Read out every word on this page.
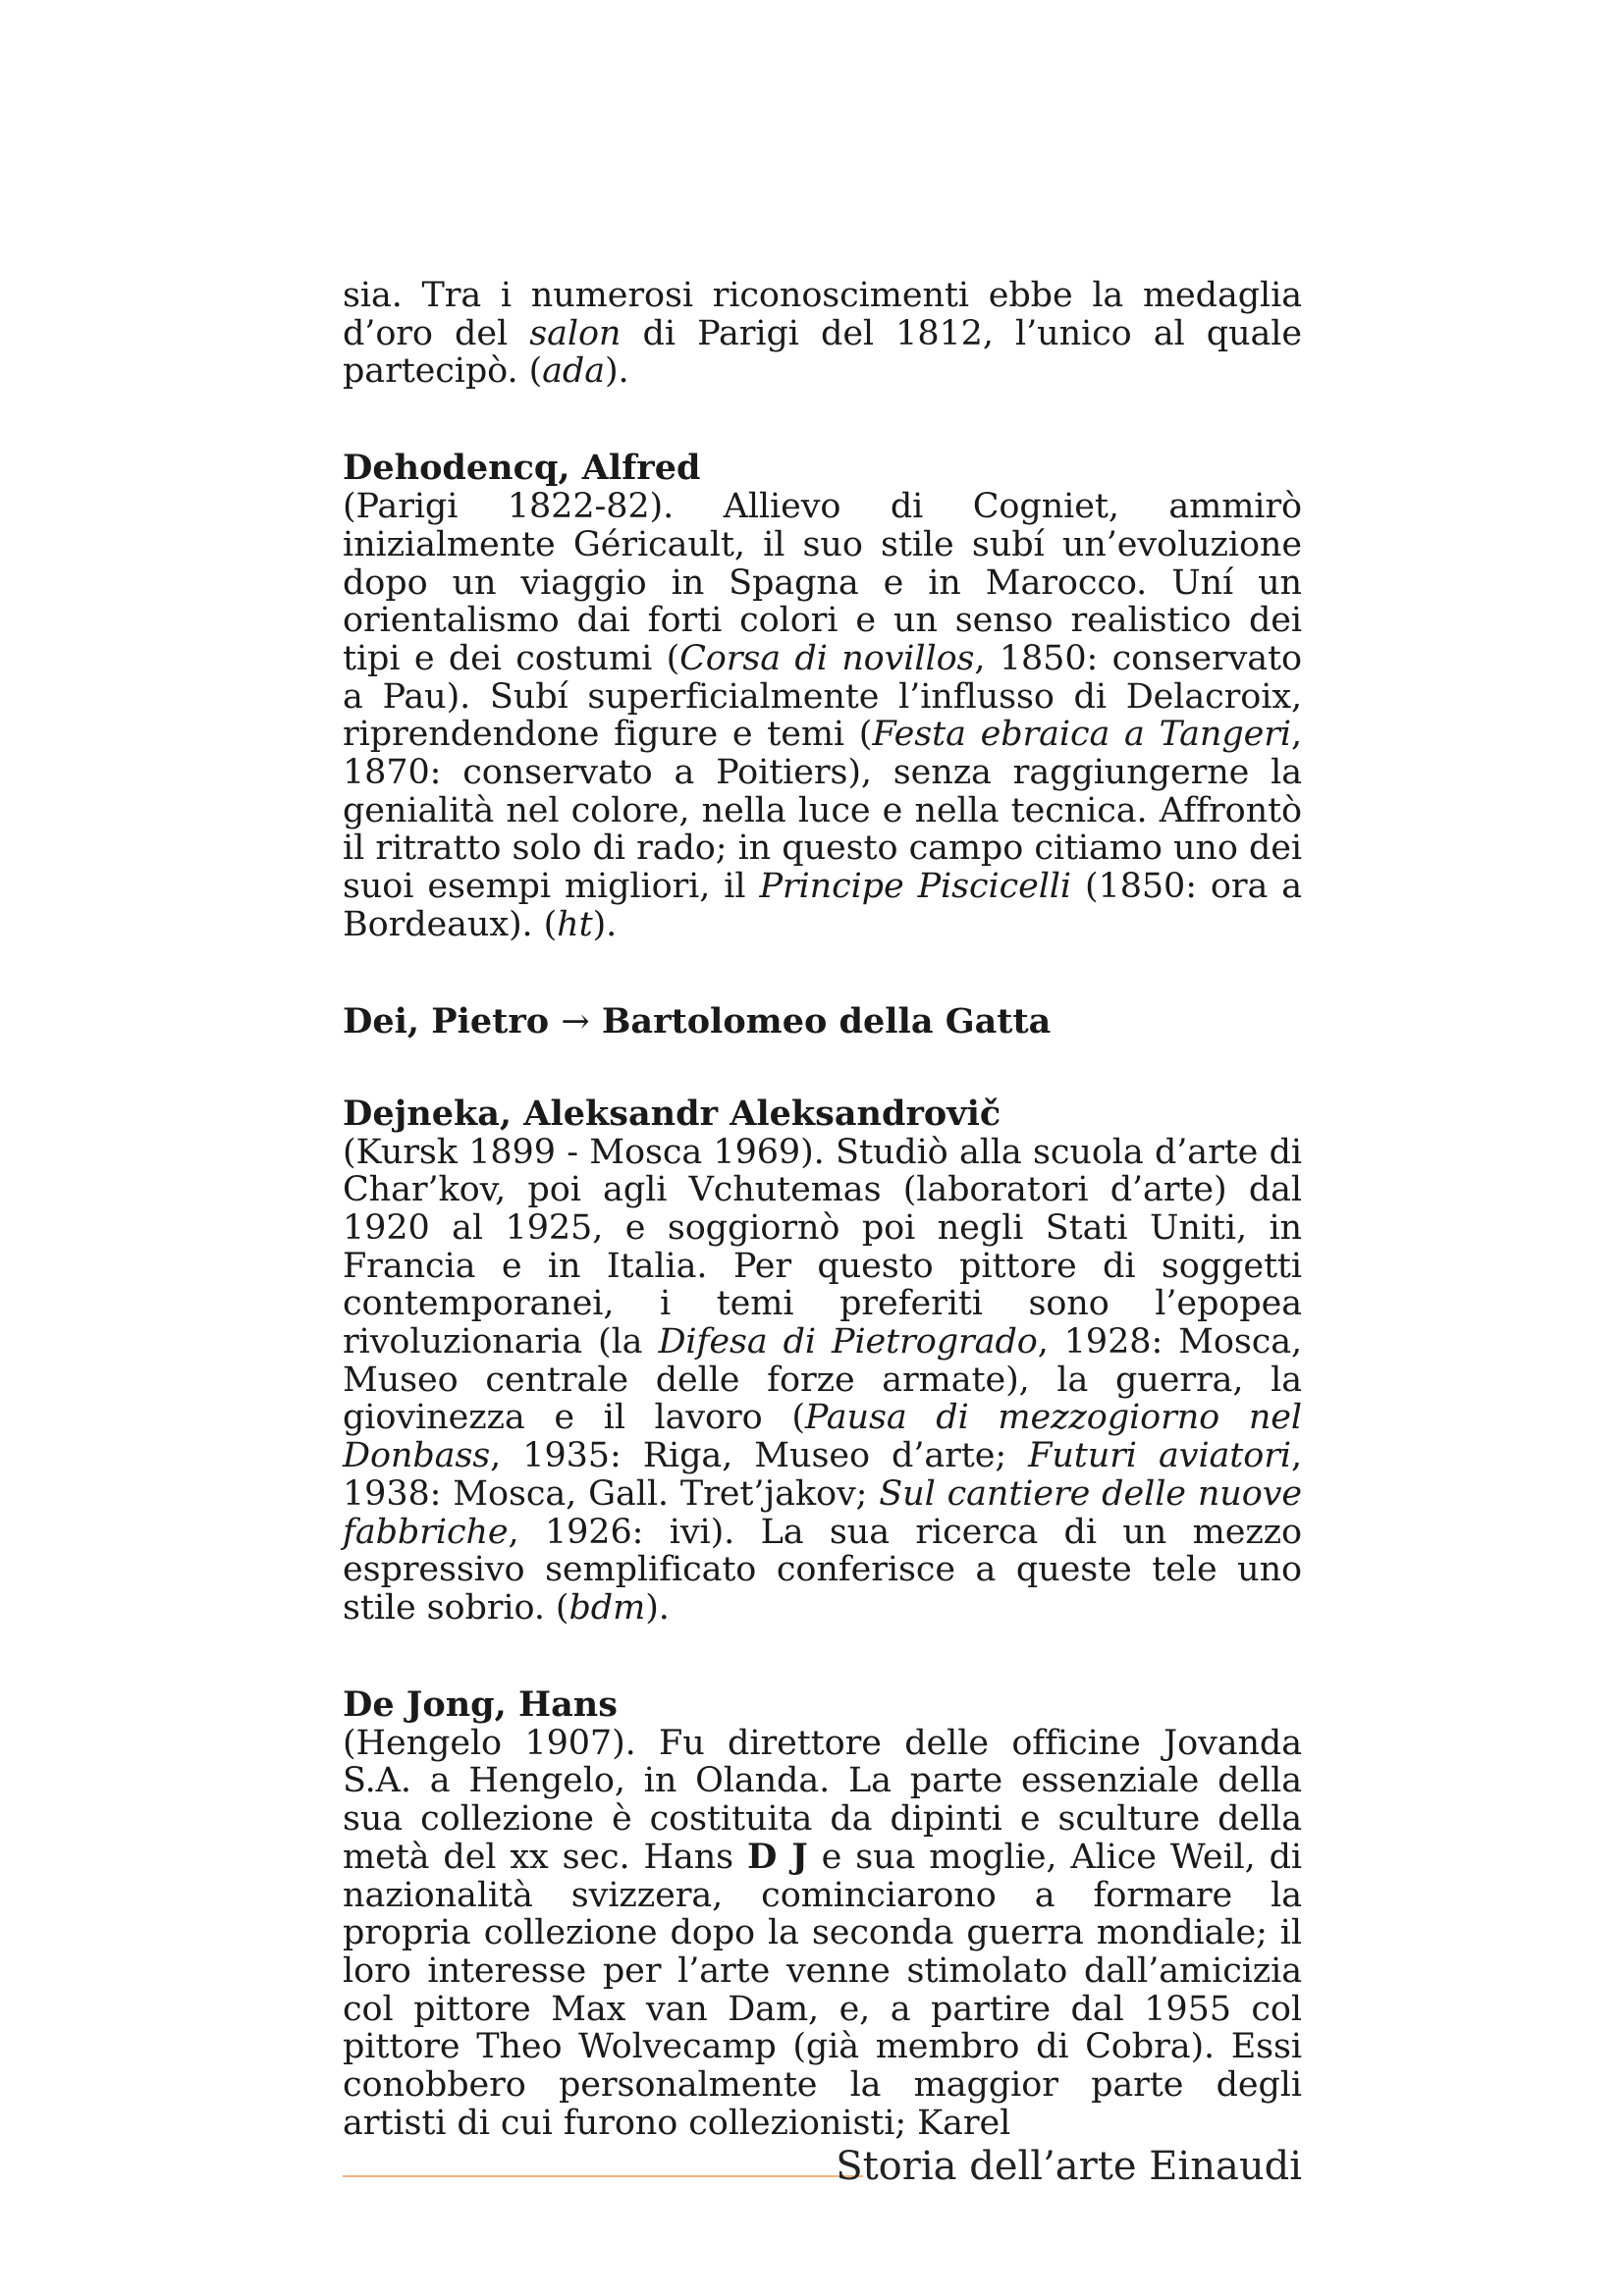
sia. Tra i numerosi riconoscimenti ebbe la medaglia d’oro del salon di Parigi del 1812, l’unico al quale partecipò. (ada).

Dehodencq, Alfred

(Parigi 1822-82). Allievo di Cogniet, ammirò inizialmente Géricault, il suo stile subí un’evoluzione dopo un viaggio in Spagna e in Marocco. Uní un orientalismo dai forti colori e un senso realistico dei tipi e dei costumi (Corsa di novillos, 1850: conservato a Pau). Subí superficialmente l’influsso di Delacroix, riprendendone figure e temi (Festa ebraica a Tangeri, 1870: conservato a Poitiers), senza raggiungerne la genialità nel colore, nella luce e nella tecnica. Affrontò il ritratto solo di rado; in questo campo citiamo uno dei suoi esempi migliori, il Principe Piscicelli (1850: ora a Bordeaux). (ht).

Dei, Pietro → Bartolomeo della Gatta
Dejneka, Aleksandr Aleksandrovič

(Kursk 1899 - Mosca 1969). Studiò alla scuola d’arte di Char’kov, poi agli Vchutemas (laboratori d’arte) dal 1920 al 1925, e soggiornò poi negli Stati Uniti, in Francia e in Italia. Per questo pittore di soggetti contemporanei, i temi preferiti sono l’epopea rivoluzionaria (la Difesa di Pietrogrado, 1928: Mosca, Museo centrale delle forze armate), la guerra, la giovinezza e il lavoro (Pausa di mezzogiorno nel Donbass, 1935: Riga, Museo d’arte; Futuri aviatori, 1938: Mosca, Gall. Tret’jakov; Sul cantiere delle nuove fabbriche, 1926: ivi). La sua ricerca di un mezzo espressivo semplificato conferisce a queste tele uno stile sobrio. (bdm).

De Jong, Hans

(Hengelo 1907). Fu direttore delle officine Jovanda S.A. a Hengelo, in Olanda. La parte essenziale della sua collezione è costituita da dipinti e sculture della metà del xx sec. Hans D J e sua moglie, Alice Weil, di nazionalità svizzera, cominciarono a formare la propria collezione dopo la seconda guerra mondiale; il loro interesse per l’arte venne stimolato dall’amicizia col pittore Max van Dam, e, a partire dal 1955 col pittore Theo Wolvecamp (già membro di Cobra). Essi conobbero personalmente la maggior parte degli artisti di cui furono collezionisti; Karel

Storia dell’arte Einaudi
